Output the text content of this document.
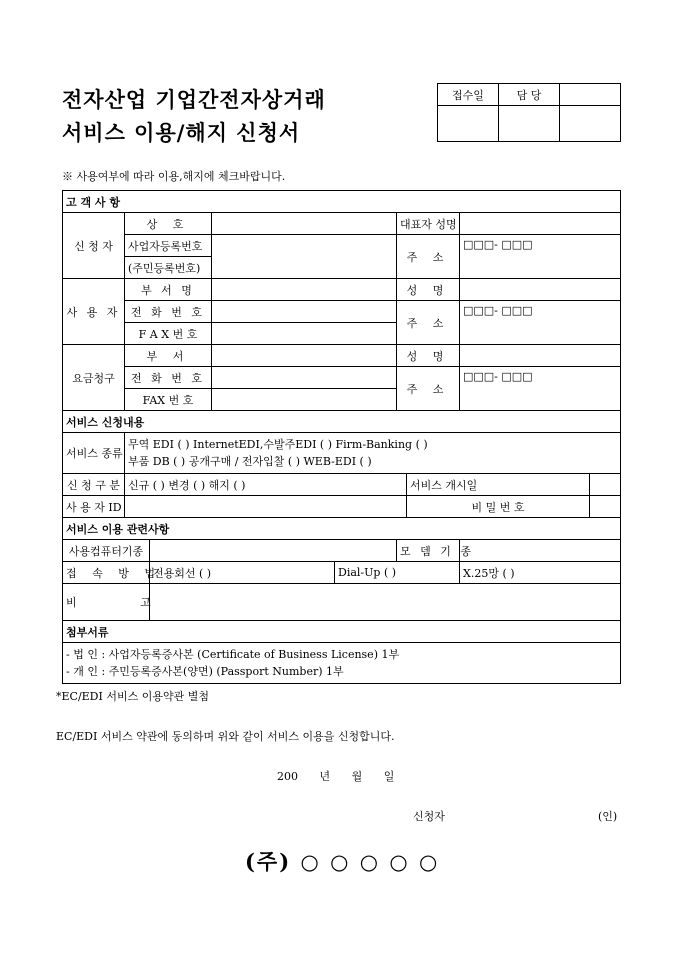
전자산업 기업간전자상거래
서비스 이용/해지 신청서
접수일	담 당	

※ 사용여부에 따라 이용,해지에 체크바랍니다.
고 객 사 항								
신 청 자	상 호				대표자 성명			
	사업자등록번호				주 소		□□□- □□□	
	(주민등록번호)							
사 용 자	부 서 명				성 명			
	전 화 번 호				주 소		□□□- □□□	
	F A X 번 호							
요금청구	부 서				성 명			
	전 화 번 호				주 소		□□□- □□□	
	FAX 번 호							
서비스 신청내용								
서비스 종류	무역 EDI ( ) InternetEDI,수발주EDI ( ) Firm-Banking ( )
부품 DB ( ) 공개구매 / 전자입찰 ( ) WEB-EDI ( )							

신 청 구 분	신규 ( ) 변경 ( ) 해지 ( )					서비스 개시일		
사 용 자 ID						비 밀 번 호		
서비스 이용 관련사항								
사용컴퓨터기종					모 뎀 기 종			
접 속 방 법		전용회선 ( )		Dial-Up ( )			X.25망 ( )	
비 고								
첨부서류								

- 법 인 : 사업자등록증사본 (Certificate of Business License) 1부
- 개 인 : 주민등록증사본(양면) (Passport Number) 1부								
*EC/EDI 서비스 이용약관 별첨
EC/EDI 서비스 약관에 동의하며 위와 같이 서비스 이용을 신청합니다.
200 년 월 일
신청자	(인)
(주) ○ ○ ○ ○ ○
